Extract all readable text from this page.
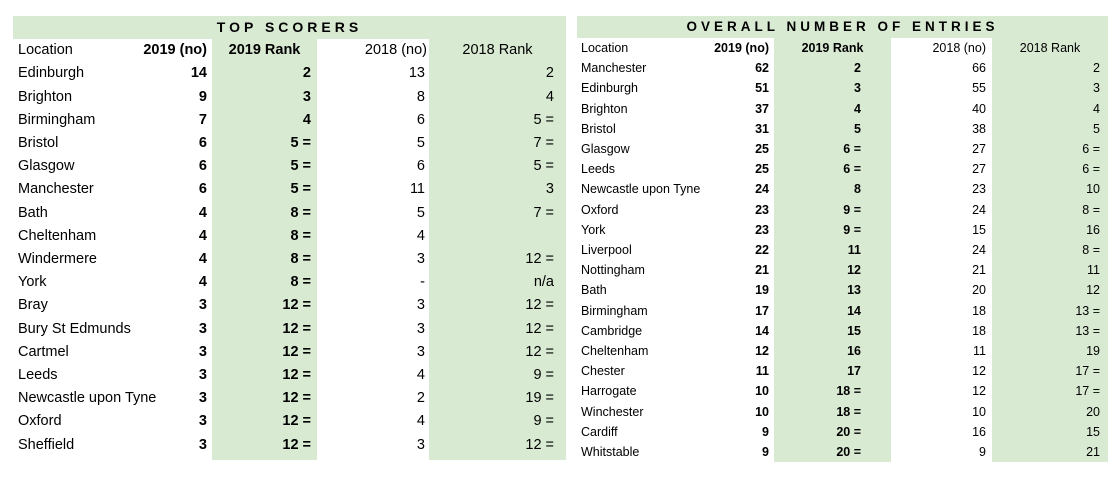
TOP SCORERS
Location	2019 (no)	2019 Rank	2018 (no)	2018 Rank
Edinburgh	14	2	13	2
Brighton	9	3	8	4
Birmingham	7	4	6	5 =
Bristol	6	5 =	5	7 =
Glasgow	6	5 =	6	5 =
Manchester	6	5 =	11	3
Bath	4	8 =	5	7 =
Cheltenham	4	8 =	4
Windermere	4	8 =	3	12 =
York	4	8 =	-	n/a
Bray	3	12 =	3	12 =
Bury St Edmunds	3	12 =	3	12 =
Cartmel	3	12 =	3	12 =
Leeds	3	12 =	4	9 =
Newcastle upon Tyne	3	12 =	2	19 =
Oxford	3	12 =	4	9 =
Sheffield	3	12 =	3	12 =
OVERALL NUMBER OF ENTRIES
Location	2019 (no)	2019 Rank	2018 (no)	2018 Rank
Manchester	62	2	66	2
Edinburgh	51	3	55	3
Brighton	37	4	40	4
Bristol	31	5	38	5
Glasgow	25	6 =	27	6 =
Leeds	25	6 =	27	6 =
Newcastle upon Tyne	24	8	23	10
Oxford	23	9 =	24	8 =
York	23	9 =	15	16
Liverpool	22	11	24	8 =
Nottingham	21	12	21	11
Bath	19	13	20	12
Birmingham	17	14	18	13 =
Cambridge	14	15	18	13 =
Cheltenham	12	16	11	19
Chester	11	17	12	17 =
Harrogate	10	18 =	12	17 =
Winchester	10	18 =	10	20
Cardiff	9	20 =	16	15
Whitstable	9	20 =	9	21
